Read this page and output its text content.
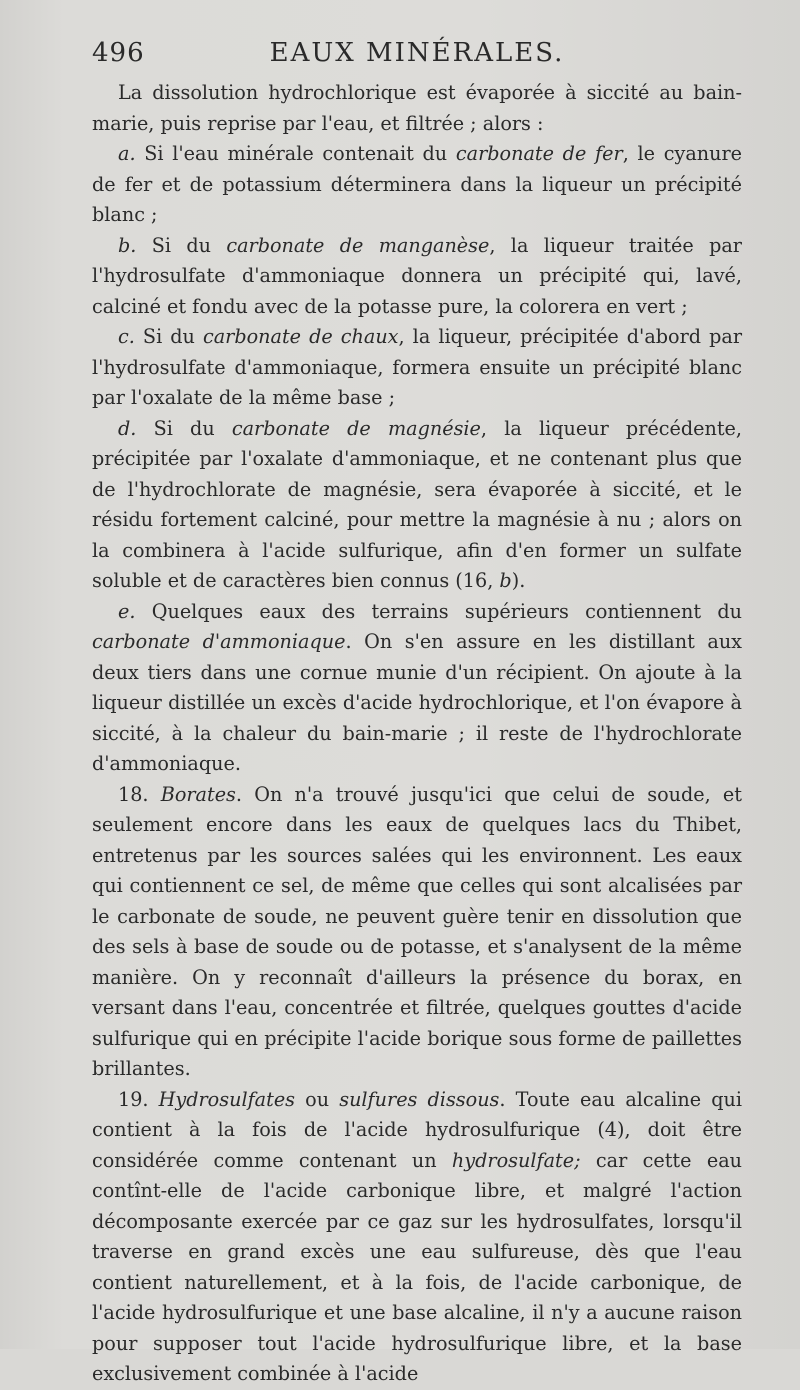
496	EAUX MINÉRALES.

La dissolution hydrochlorique est évaporée à siccité au bain-marie, puis reprise par l'eau, et filtrée ; alors :

a. Si l'eau minérale contenait du carbonate de fer, le cyanure de fer et de potassium déterminera dans la liqueur un précipité blanc ;

b. Si du carbonate de manganèse, la liqueur traitée par l'hydrosulfate d'ammoniaque donnera un précipité qui, lavé, calciné et fondu avec de la potasse pure, la colorera en vert ;

c. Si du carbonate de chaux, la liqueur, précipitée d'abord par l'hydrosulfate d'ammoniaque, formera ensuite un précipité blanc par l'oxalate de la même base ;

d. Si du carbonate de magnésie, la liqueur précédente, précipitée par l'oxalate d'ammoniaque, et ne contenant plus que de l'hydrochlorate de magnésie, sera évaporée à siccité, et le résidu fortement calciné, pour mettre la magnésie à nu ; alors on la combinera à l'acide sulfurique, afin d'en former un sulfate soluble et de caractères bien connus (16, b).

e. Quelques eaux des terrains supérieurs contiennent du carbonate d'ammoniaque. On s'en assure en les distillant aux deux tiers dans une cornue munie d'un récipient. On ajoute à la liqueur distillée un excès d'acide hydrochlorique, et l'on évapore à siccité, à la chaleur du bain-marie ; il reste de l'hydrochlorate d'ammoniaque.

18. Borates. On n'a trouvé jusqu'ici que celui de soude, et seulement encore dans les eaux de quelques lacs du Thibet, entretenus par les sources salées qui les environnent. Les eaux qui contiennent ce sel, de même que celles qui sont alcalisées par le carbonate de soude, ne peuvent guère tenir en dissolution que des sels à base de soude ou de potasse, et s'analysent de la même manière. On y reconnaît d'ailleurs la présence du borax, en versant dans l'eau, concentrée et filtrée, quelques gouttes d'acide sulfurique qui en précipite l'acide borique sous forme de paillettes brillantes.

19. Hydrosulfates ou sulfures dissous. Toute eau alcaline qui contient à la fois de l'acide hydrosulfurique (4), doit être considérée comme contenant un hydrosulfate; car cette eau contînt-elle de l'acide carbonique libre, et malgré l'action décomposante exercée par ce gaz sur les hydrosulfates, lorsqu'il traverse en grand excès une eau sulfureuse, dès que l'eau contient naturellement, et à la fois, de l'acide carbonique, de l'acide hydrosulfurique et une base alcaline, il n'y a aucune raison pour supposer tout l'acide hydrosulfurique libre, et la base exclusivement combinée à l'acide
